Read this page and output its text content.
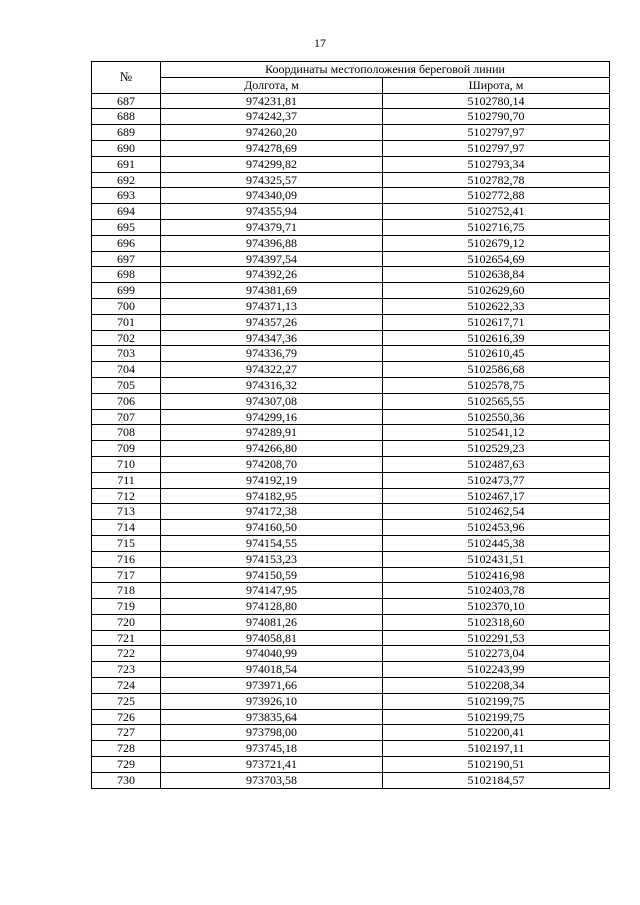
17
№	Координаты местоположения береговой линии	
	Долгота, м	Широта, м
687	974231,81	5102780,14
688	974242,37	5102790,70
689	974260,20	5102797,97
690	974278,69	5102797,97
691	974299,82	5102793,34
692	974325,57	5102782,78
693	974340,09	5102772,88
694	974355,94	5102752,41
695	974379,71	5102716,75
696	974396,88	5102679,12
697	974397,54	5102654,69
698	974392,26	5102638,84
699	974381,69	5102629,60
700	974371,13	5102622,33
701	974357,26	5102617,71
702	974347,36	5102616,39
703	974336,79	5102610,45
704	974322,27	5102586,68
705	974316,32	5102578,75
706	974307,08	5102565,55
707	974299,16	5102550,36
708	974289,91	5102541,12
709	974266,80	5102529,23
710	974208,70	5102487,63
711	974192,19	5102473,77
712	974182,95	5102467,17
713	974172,38	5102462,54
714	974160,50	5102453,96
715	974154,55	5102445,38
716	974153,23	5102431,51
717	974150,59	5102416,98
718	974147,95	5102403,78
719	974128,80	5102370,10
720	974081,26	5102318,60
721	974058,81	5102291,53
722	974040,99	5102273,04
723	974018,54	5102243,99
724	973971,66	5102208,34
725	973926,10	5102199,75
726	973835,64	5102199,75
727	973798,00	5102200,41
728	973745,18	5102197,11
729	973721,41	5102190,51
730	973703,58	5102184,57
